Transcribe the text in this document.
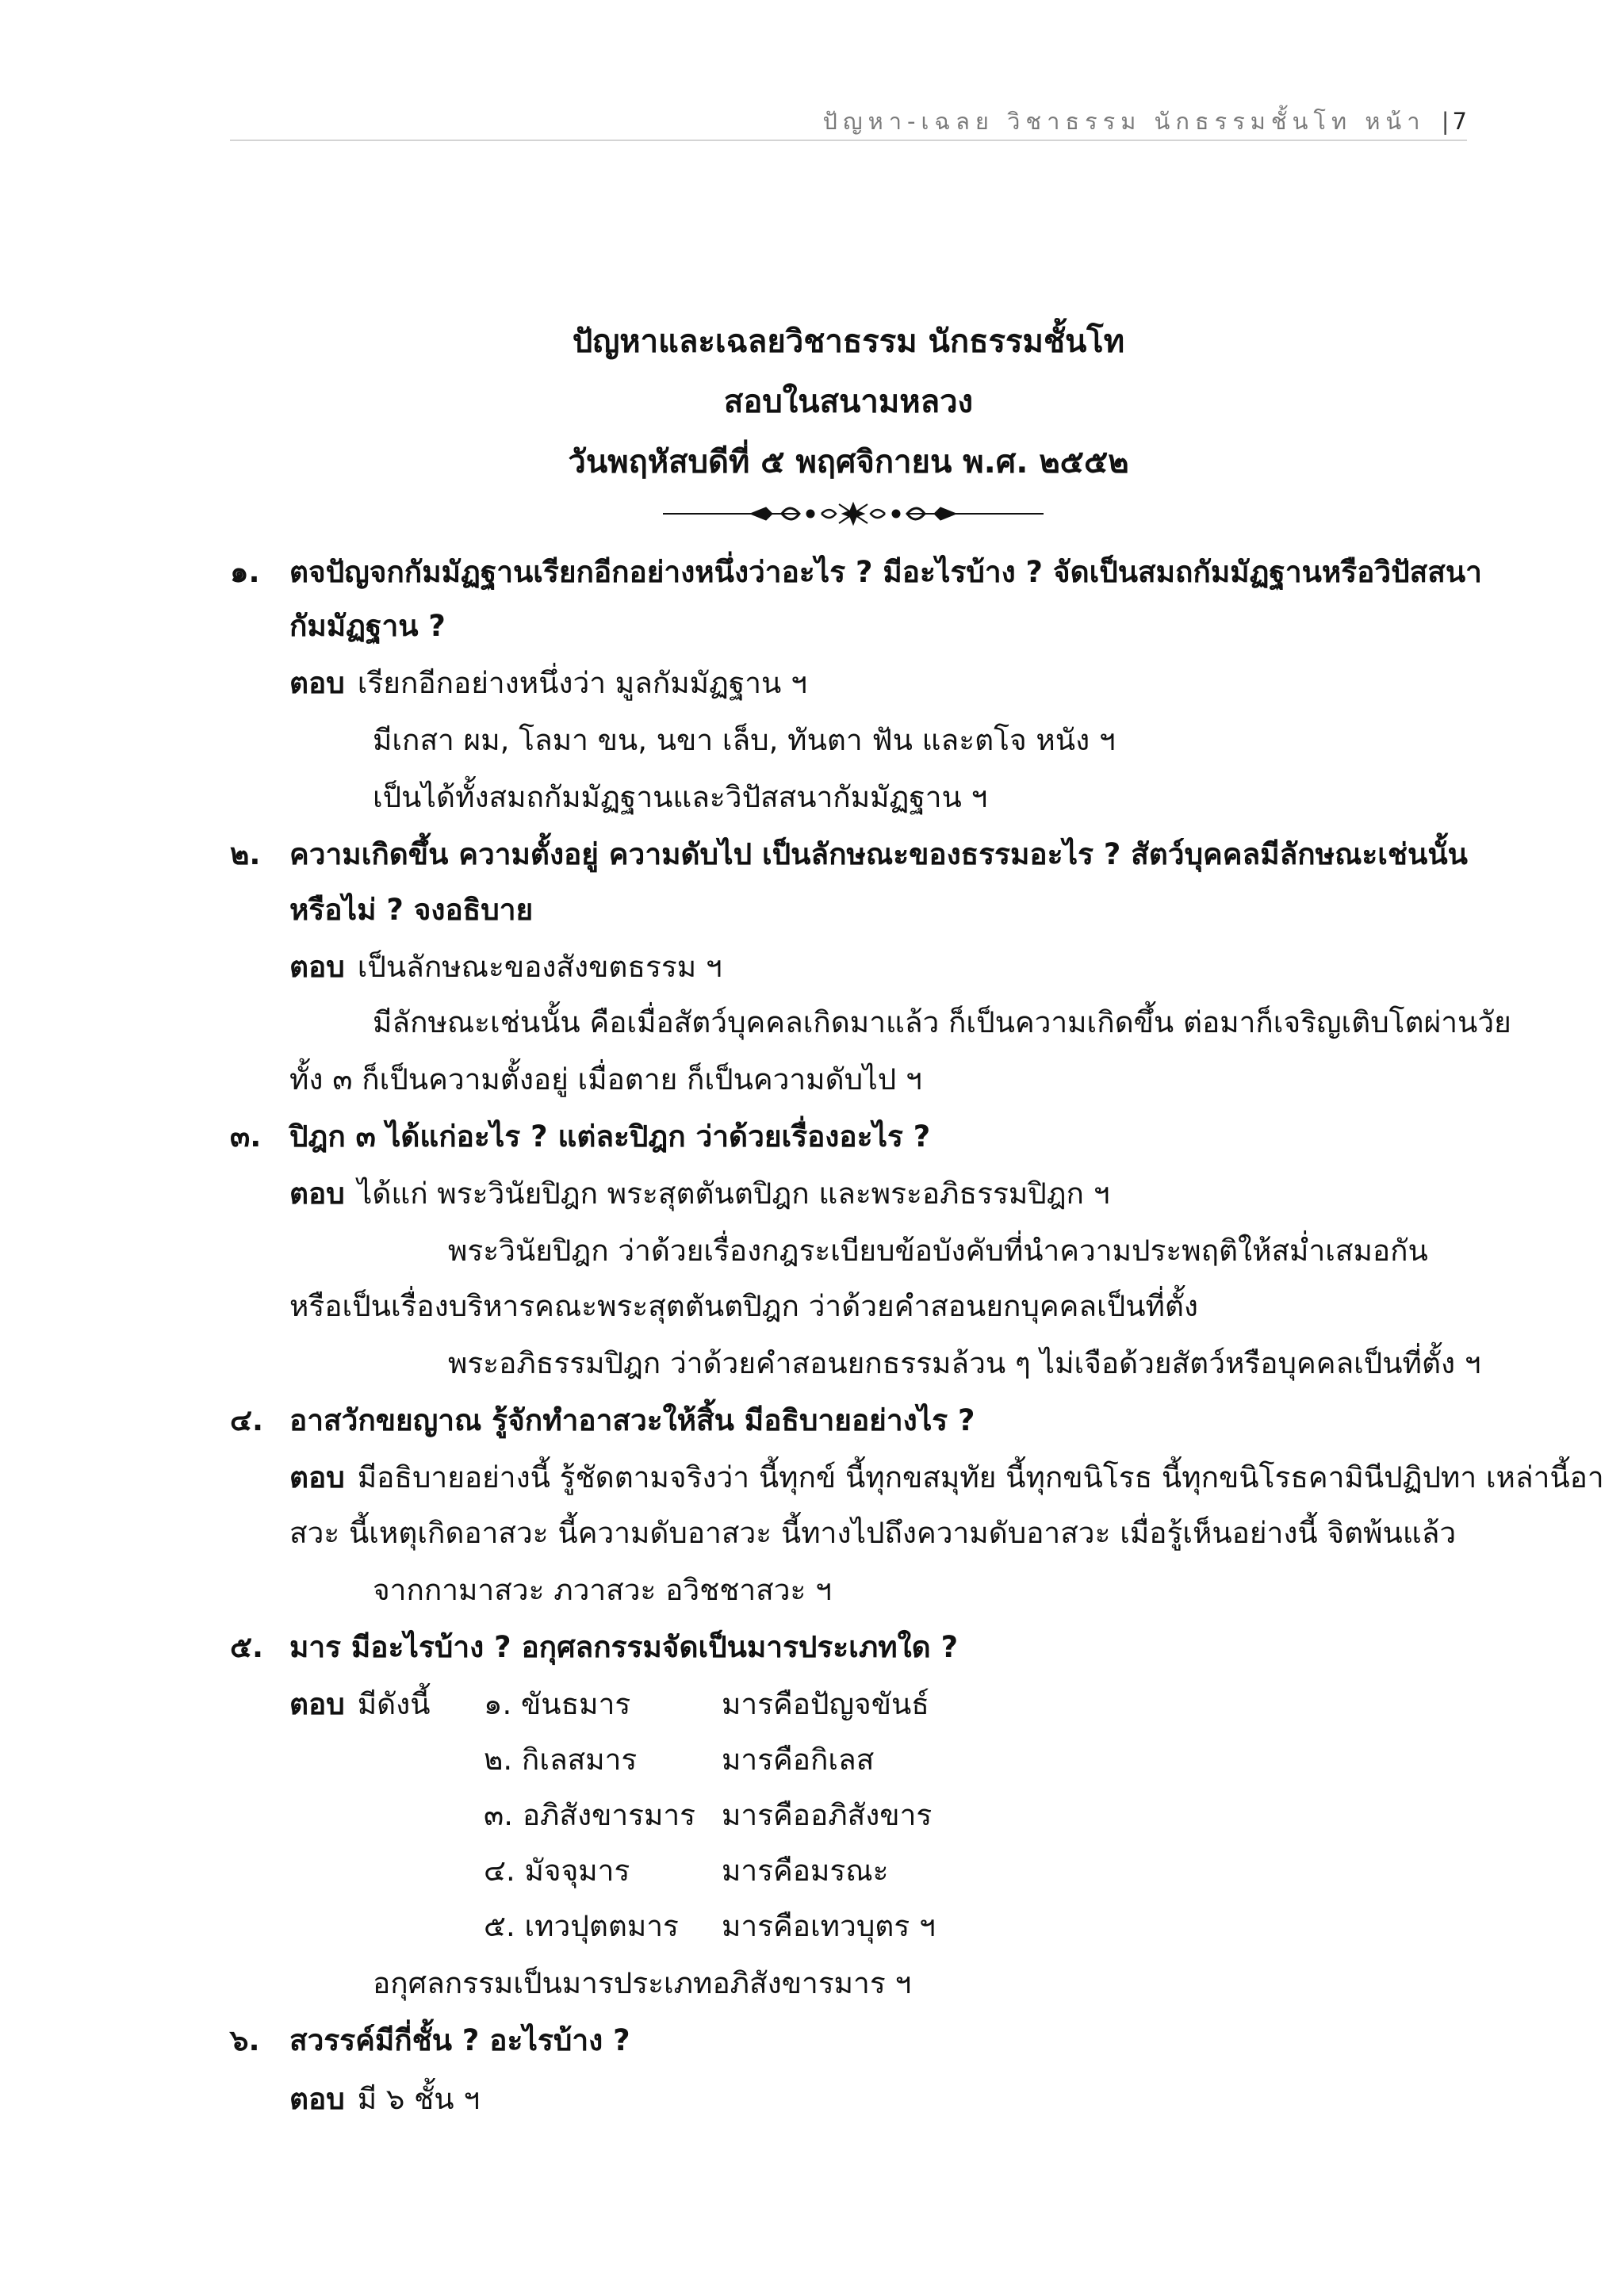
ปัญหา-เฉลย วิชาธรรม นักธรรมชั้นโท หน้า | 7
ปัญหาและเฉลยวิชาธรรม นักธรรมชั้นโท
สอบในสนามหลวง
วันพฤหัสบดีที่ ๕ พฤศจิกายน พ.ศ. ๒๕๕๒
๑. ตจปัญจกกัมมัฏฐานเรียกอีกอย่างหนึ่งว่าอะไร ? มีอะไรบ้าง ? จัดเป็นสมถกัมมัฏฐานหรือวิปัสสนา
กัมมัฏฐาน ?
ตอบ เรียกอีกอย่างหนึ่งว่า มูลกัมมัฏฐาน ฯ
มีเกสา ผม, โลมา ขน, นขา เล็บ, ทันตา ฟัน และตโจ หนัง ฯ
เป็นได้ทั้งสมถกัมมัฏฐานและวิปัสสนากัมมัฏฐาน ฯ
๒. ความเกิดขึ้น ความตั้งอยู่ ความดับไป เป็นลักษณะของธรรมอะไร ? สัตว์บุคคลมีลักษณะเช่นนั้น
หรือไม่ ? จงอธิบาย
ตอบ เป็นลักษณะของสังขตธรรม ฯ
มีลักษณะเช่นนั้น คือเมื่อสัตว์บุคคลเกิดมาแล้ว ก็เป็นความเกิดขึ้น ต่อมาก็เจริญเติบโตผ่านวัย
ทั้ง ๓ ก็เป็นความตั้งอยู่ เมื่อตาย ก็เป็นความดับไป ฯ
๓. ปิฎก ๓ ได้แก่อะไร ? แต่ละปิฎก ว่าด้วยเรื่องอะไร ?
ตอบ ได้แก่ พระวินัยปิฎก พระสุตตันตปิฎก และพระอภิธรรมปิฎก ฯ
พระวินัยปิฎก ว่าด้วยเรื่องกฎระเบียบข้อบังคับที่นำความประพฤติให้สม่ำเสมอกัน
หรือเป็นเรื่องบริหารคณะพระสุตตันตปิฎก ว่าด้วยคำสอนยกบุคคลเป็นที่ตั้ง
พระอภิธรรมปิฎก ว่าด้วยคำสอนยกธรรมล้วน ๆ ไม่เจือด้วยสัตว์หรือบุคคลเป็นที่ตั้ง ฯ
๔. อาสวักขยญาณ รู้จักทำอาสวะให้สิ้น มีอธิบายอย่างไร ?
ตอบ มีอธิบายอย่างนี้ รู้ชัดตามจริงว่า นี้ทุกข์ นี้ทุกขสมุทัย นี้ทุกขนิโรธ นี้ทุกขนิโรธคามินีปฏิปทา เหล่านี้อา
สวะ นี้เหตุเกิดอาสวะ นี้ความดับอาสวะ นี้ทางไปถึงความดับอาสวะ เมื่อรู้เห็นอย่างนี้ จิตพ้นแล้ว
จากกามาสวะ ภวาสวะ อวิชชาสวะ ฯ
๕. มาร มีอะไรบ้าง ? อกุศลกรรมจัดเป็นมารประเภทใด ?
ตอบ มีดังนี้ ๑. ขันธมาร	มารคือปัญจขันธ์
๒. กิเลสมาร	มารคือกิเลส
๓. อภิสังขารมาร มารคืออภิสังขาร
๔. มัจจุมาร	มารคือมรณะ
๕. เทวปุตตมาร มารคือเทวบุตร ฯ
อกุศลกรรมเป็นมารประเภทอภิสังขารมาร ฯ
๖. สวรรค์มีกี่ชั้น ? อะไรบ้าง ?
ตอบ มี ๖ ชั้น ฯ
